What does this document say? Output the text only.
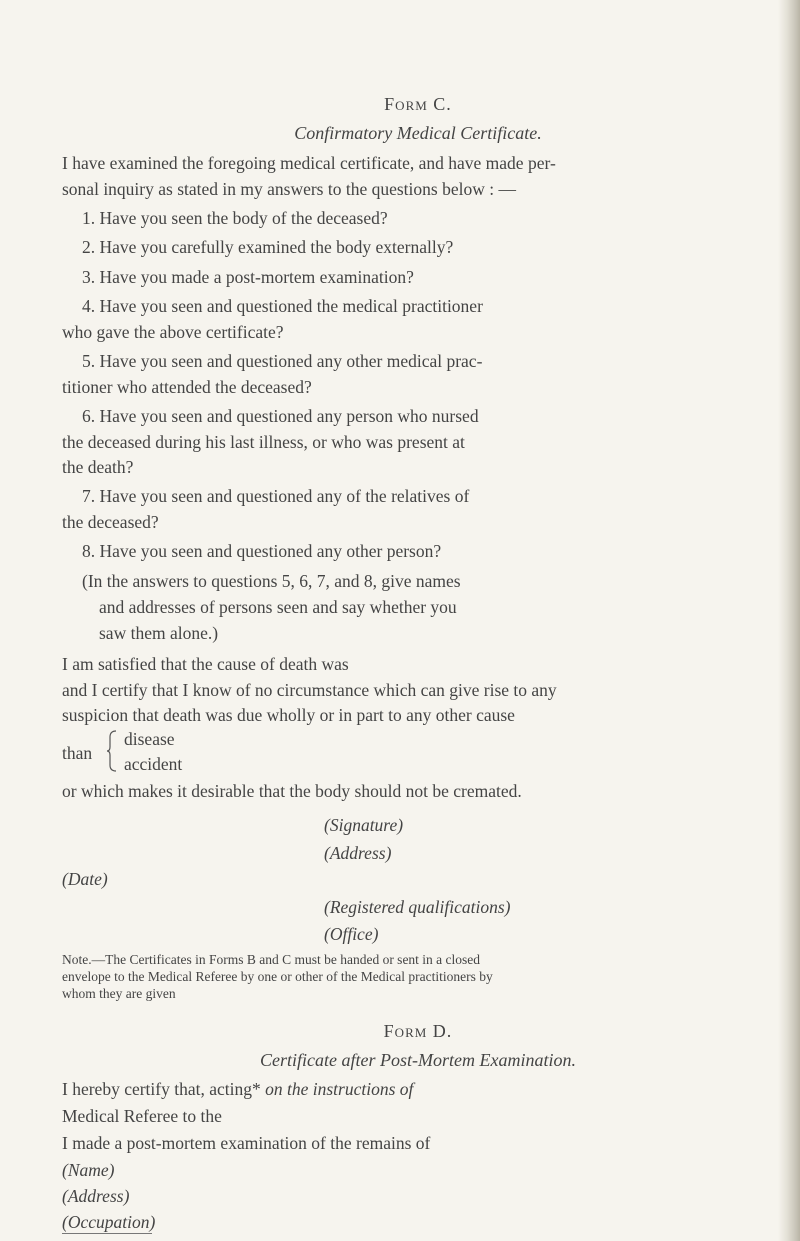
Form C.
Confirmatory Medical Certificate.
I have examined the foregoing medical certificate, and have made per-
sonal inquiry as stated in my answers to the questions below : —
1. Have you seen the body of the deceased?
2. Have you carefully examined the body externally?
3. Have you made a post-mortem examination?
4. Have you seen and questioned the medical practitioner
who gave the above certificate?
5. Have you seen and questioned any other medical prac-
titioner who attended the deceased?
6. Have you seen and questioned any person who nursed
the deceased during his last illness, or who was present at
the death?
7. Have you seen and questioned any of the relatives of
the deceased?
8. Have you seen and questioned any other person?
(In the answers to questions 5, 6, 7, and 8, give names
and addresses of persons seen and say whether you
saw them alone.)
I am satisfied that the cause of death was
and I certify that I know of no circumstance which can give rise to any
suspicion that death was due wholly or in part to any other cause
than
disease
accident
or which makes it desirable that the body should not be cremated.
(Signature)
(Address)
(Date)
(Registered qualifications)
(Office)
Note.—The Certificates in Forms B and C must be handed or sent in a closed
envelope to the Medical Referee by one or other of the Medical practitioners by
whom they are given
Form D.
Certificate after Post-Mortem Examination.
I hereby certify that, acting* on the instructions of
Medical Referee to the
I made a post-mortem examination of the remains of
(Name)
(Address)
(Occupation)
